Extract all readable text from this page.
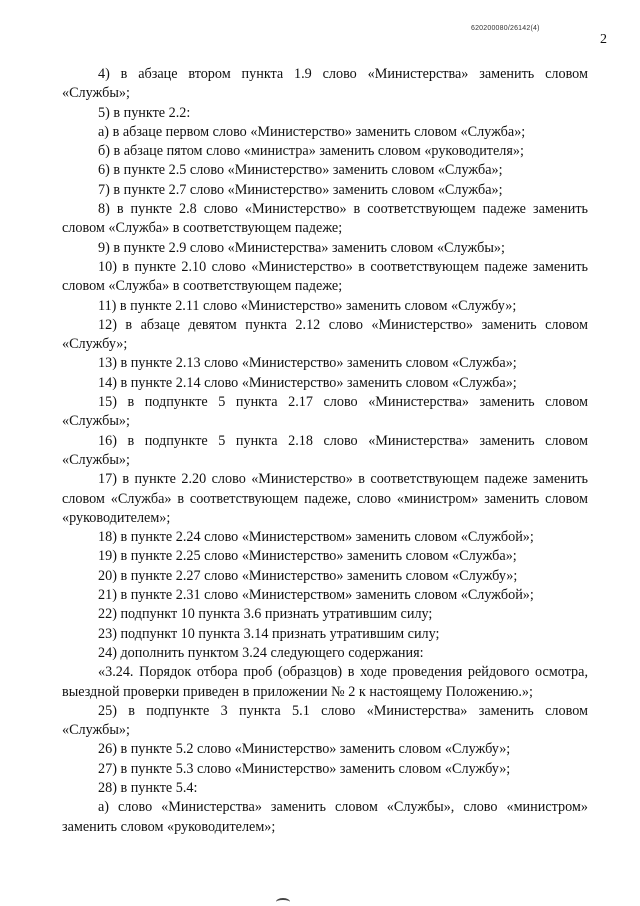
620200080/26142(4)
2

4) в абзаце втором пункта 1.9 слово «Министерства» заменить словом «Службы»;

5) в пункте 2.2:

а) в абзаце первом слово «Министерство» заменить словом «Служба»;

б) в абзаце пятом слово «министра» заменить словом «руководителя»;

6) в пункте 2.5 слово «Министерство» заменить словом «Служба»;

7) в пункте 2.7 слово «Министерство» заменить словом «Служба»;

8) в пункте 2.8 слово «Министерство» в соответствующем падеже заменить словом «Служба» в соответствующем падеже;

9) в пункте 2.9 слово «Министерства» заменить словом «Службы»;

10) в пункте 2.10 слово «Министерство» в соответствующем падеже заменить словом «Служба» в соответствующем падеже;

11) в пункте 2.11 слово «Министерство» заменить словом «Службу»;

12) в абзаце девятом пункта 2.12 слово «Министерство» заменить словом «Службу»;

13) в пункте 2.13 слово «Министерство» заменить словом «Служба»;

14) в пункте 2.14 слово «Министерство» заменить словом «Служба»;

15) в подпункте 5 пункта 2.17 слово «Министерства» заменить словом «Службы»;

16) в подпункте 5 пункта 2.18 слово «Министерства» заменить словом «Службы»;

17) в пункте 2.20 слово «Министерство» в соответствующем падеже заменить словом «Служба» в соответствующем падеже, слово «министром» заменить словом «руководителем»;

18) в пункте 2.24 слово «Министерством» заменить словом «Службой»;

19) в пункте 2.25 слово «Министерство» заменить словом «Служба»;

20) в пункте 2.27 слово «Министерство» заменить словом «Службу»;

21) в пункте 2.31 слово «Министерством» заменить словом «Службой»;

22) подпункт 10 пункта 3.6 признать утратившим силу;

23) подпункт 10 пункта 3.14 признать утратившим силу;

24) дополнить пунктом 3.24 следующего содержания:

«3.24. Порядок отбора проб (образцов) в ходе проведения рейдового осмотра, выездной проверки приведен в приложении № 2 к настоящему Положению.»;

25) в подпункте 3 пункта 5.1 слово «Министерства» заменить словом «Службы»;

26) в пункте 5.2 слово «Министерство» заменить словом «Службу»;

27) в пункте 5.3 слово «Министерство» заменить словом «Службу»;

28) в пункте 5.4:

а) слово «Министерства» заменить словом «Службы», слово «министром» заменить словом «руководителем»;
